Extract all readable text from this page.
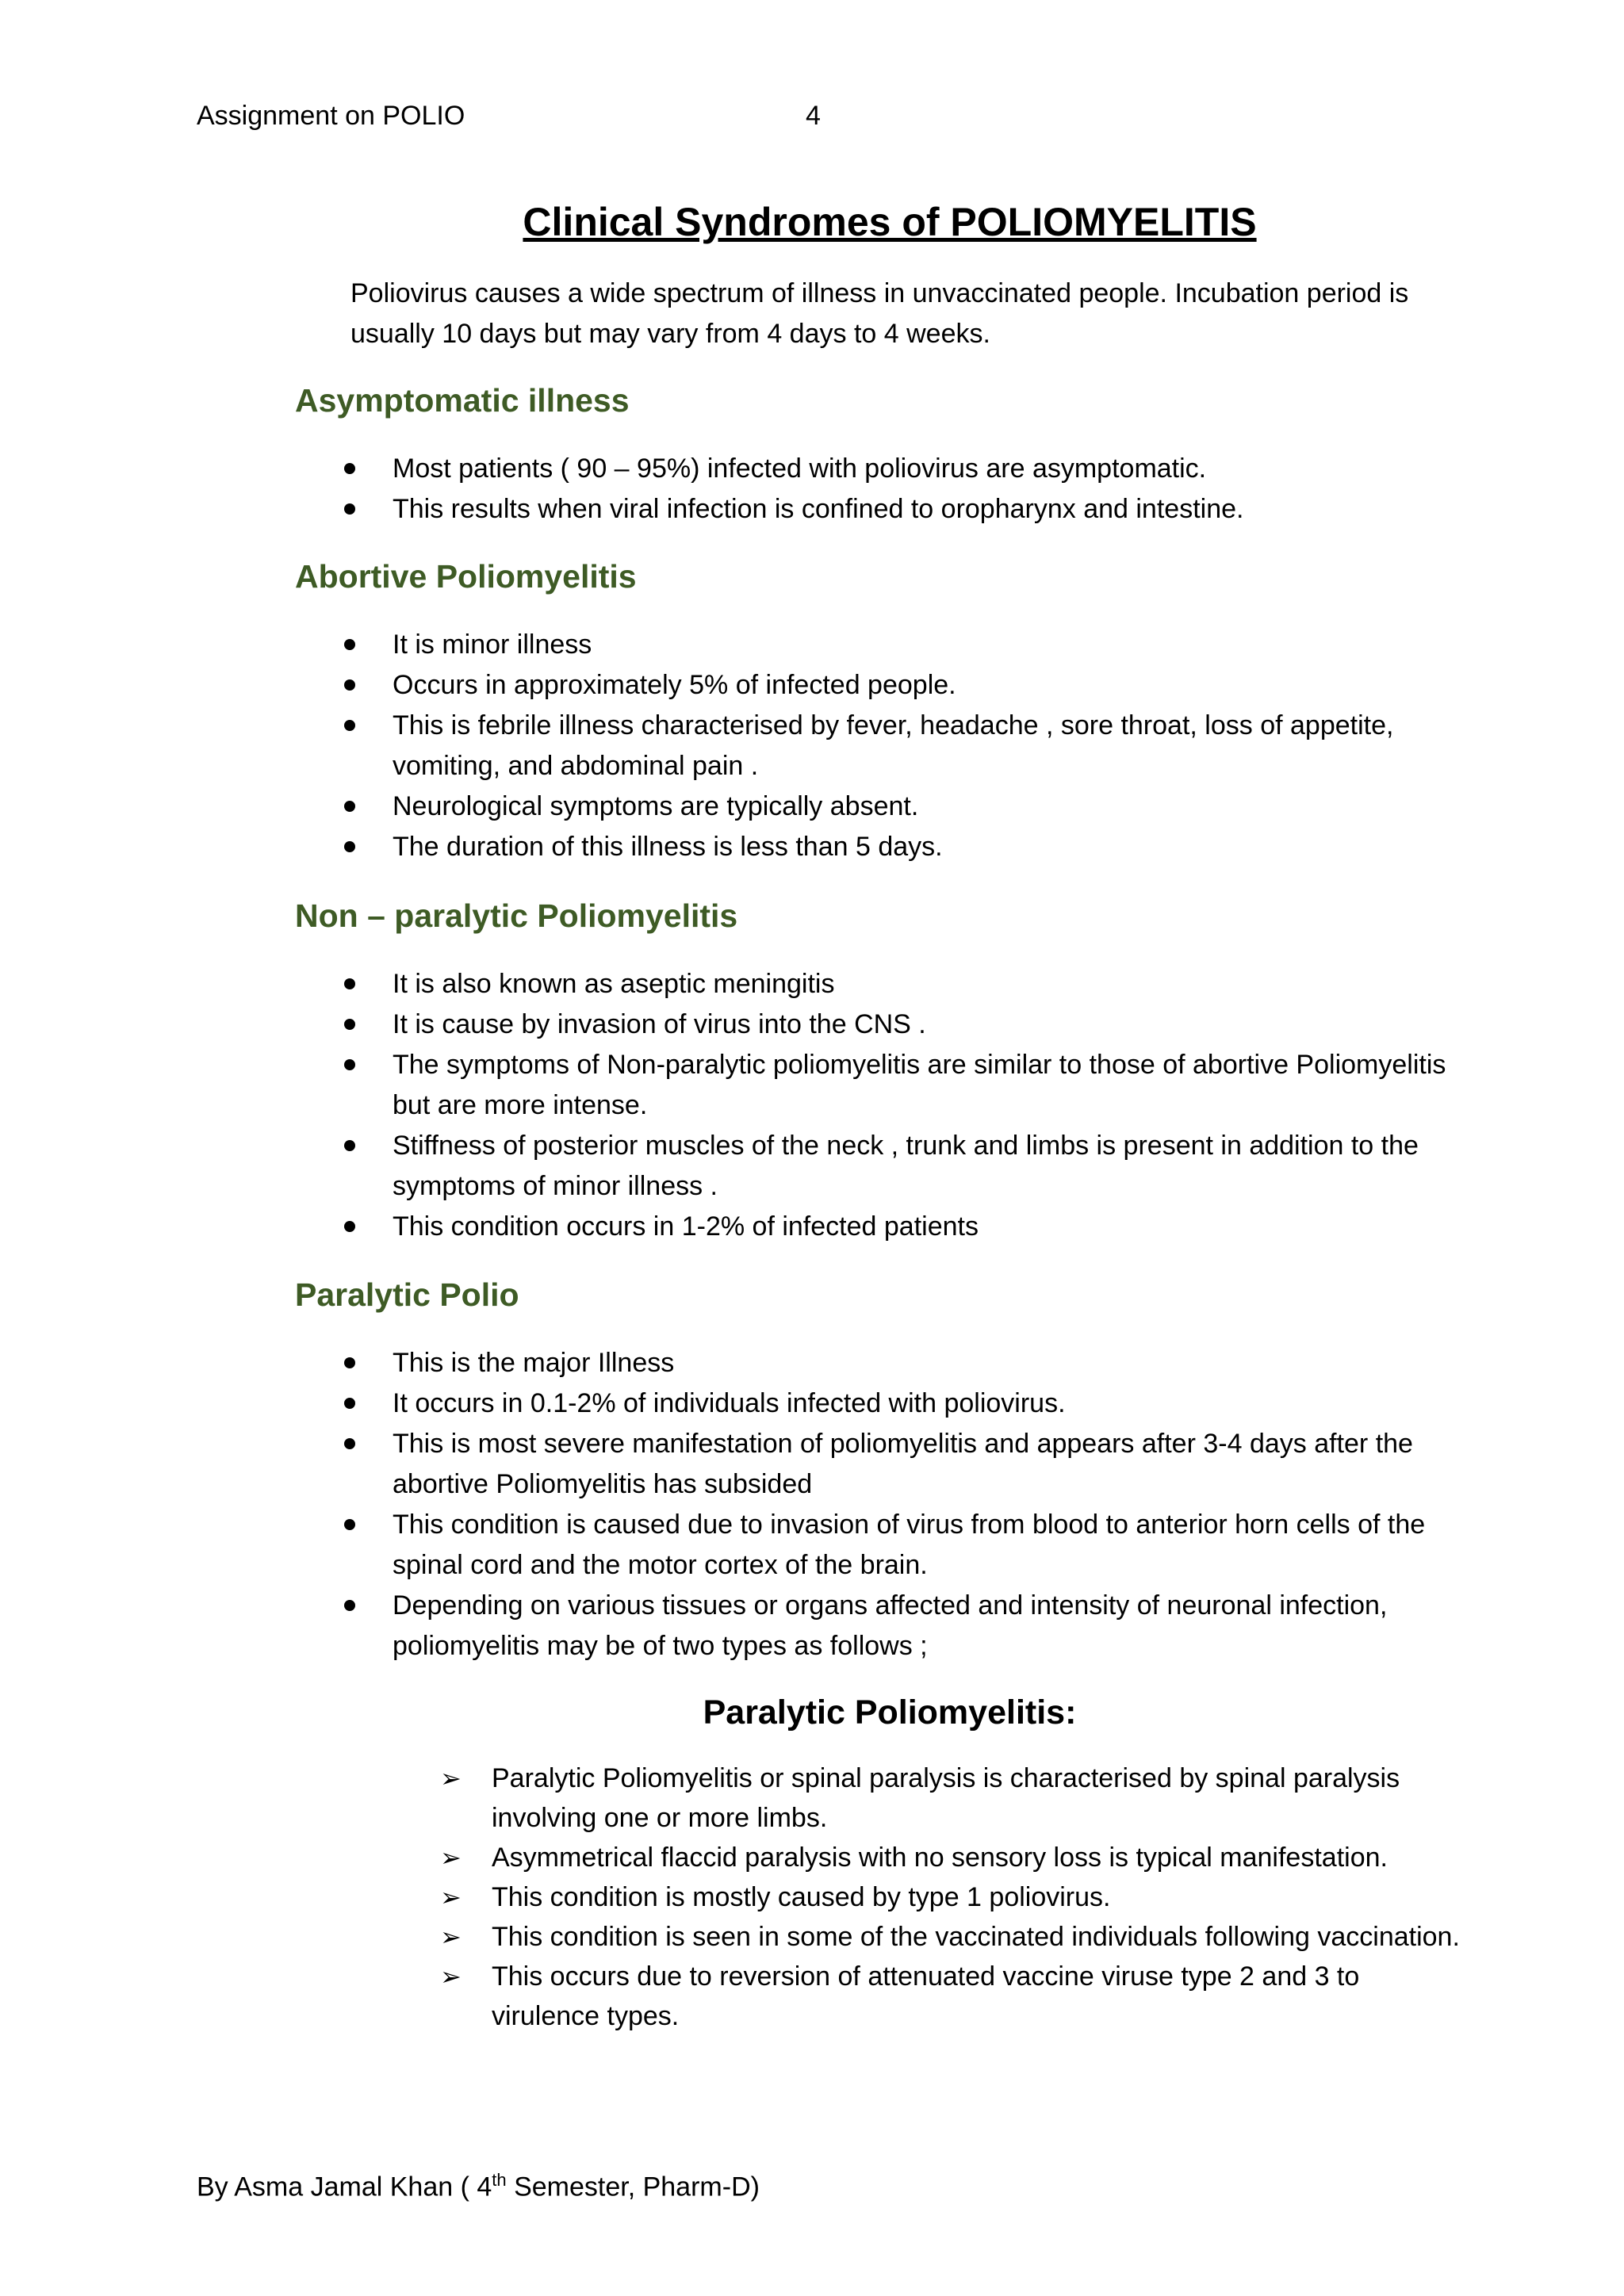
Assignment on POLIO	4
Clinical Syndromes of POLIOMYELITIS
Poliovirus causes a wide spectrum of illness in unvaccinated people. Incubation period is usually 10 days but may vary from 4 days to 4 weeks.
Asymptomatic illness
Most patients ( 90 – 95%) infected with poliovirus are asymptomatic.
This results when viral infection is confined to oropharynx and intestine.
Abortive Poliomyelitis
It is minor illness
Occurs in approximately 5% of infected people.
This is febrile illness characterised by fever, headache , sore throat, loss of appetite, vomiting, and abdominal pain .
Neurological symptoms are typically absent.
The duration of this illness is less than 5 days.
Non – paralytic Poliomyelitis
It is also known as aseptic meningitis
It is cause by invasion of virus into the CNS .
The symptoms of Non-paralytic poliomyelitis are similar to those of abortive Poliomyelitis but are more intense.
Stiffness of posterior muscles of the neck , trunk and limbs is present in addition to the symptoms of minor illness .
This condition occurs in 1-2% of infected patients
Paralytic Polio
This is the major Illness
It occurs in 0.1-2% of individuals infected with poliovirus.
This is most severe manifestation of poliomyelitis and appears after 3-4 days after the abortive Poliomyelitis has subsided
This condition is caused due to invasion of virus from blood to anterior horn cells of the spinal cord and the motor cortex of the brain.
Depending on various tissues or organs affected and intensity of neuronal infection, poliomyelitis may be of two types as follows ;
Paralytic Poliomyelitis:
➢ Paralytic Poliomyelitis or spinal paralysis is characterised by spinal paralysis involving one or more limbs.
➢ Asymmetrical flaccid paralysis with no sensory loss is typical manifestation.
➢ This condition is mostly caused by type 1 poliovirus.
➢ This condition is seen in some of the vaccinated individuals following vaccination.
➢ This occurs due to reversion of attenuated vaccine viruse type 2 and 3 to virulence types.
By Asma Jamal Khan ( 4th Semester, Pharm-D)
